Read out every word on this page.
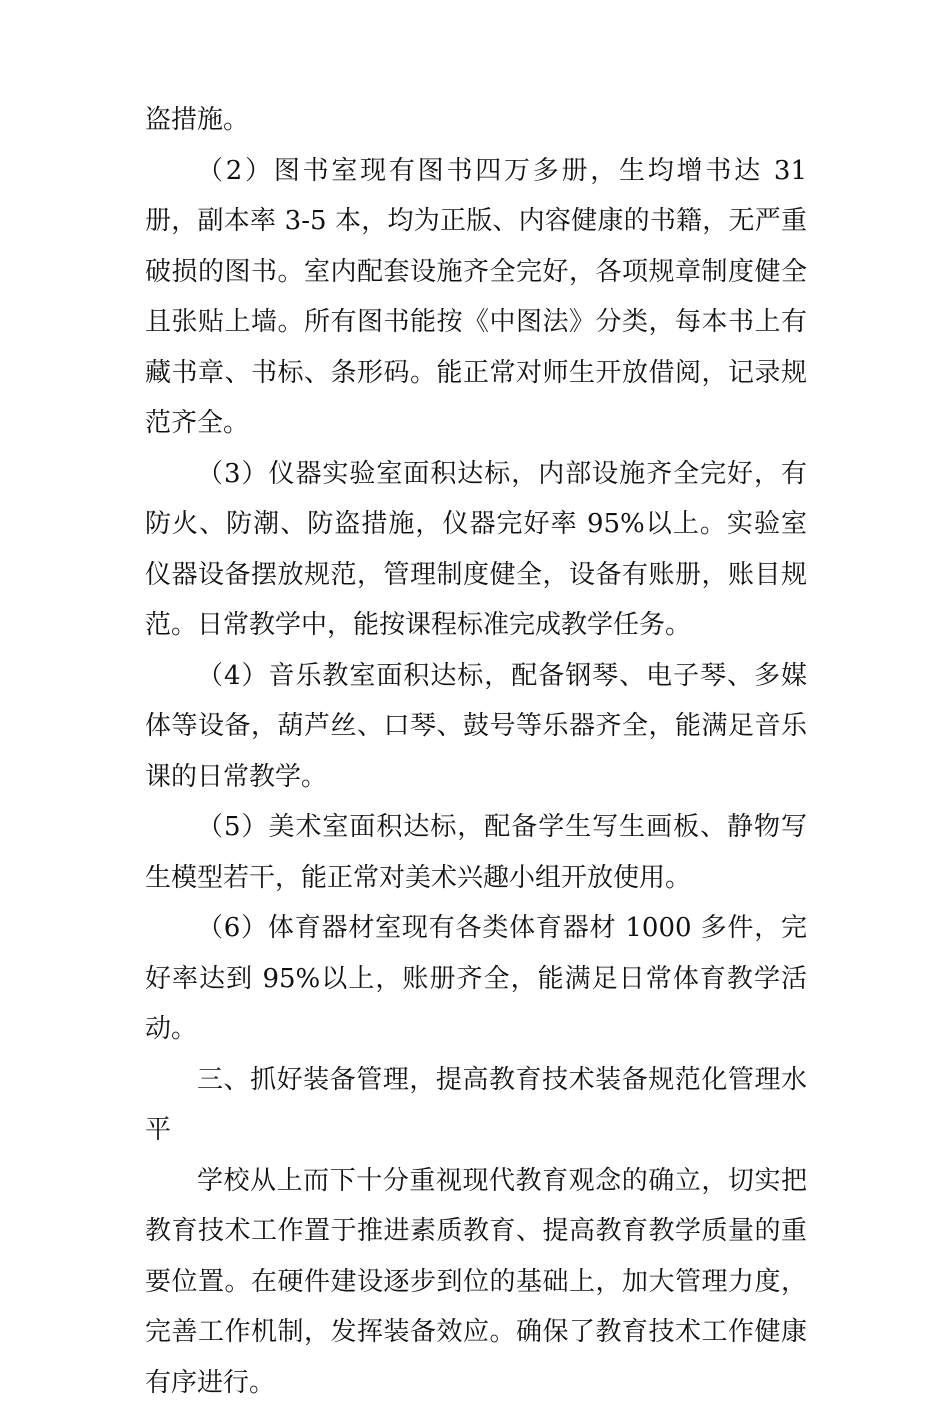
盗措施。

（2）图书室现有图书四万多册，生均增书达 31 册，副本率 3-5 本，均为正版、内容健康的书籍，无严重破损的图书。室内配套设施齐全完好，各项规章制度健全且张贴上墙。所有图书能按《中图法》分类，每本书上有藏书章、书标、条形码。能正常对师生开放借阅，记录规范齐全。

（3）仪器实验室面积达标，内部设施齐全完好，有防火、防潮、防盗措施，仪器完好率 95%以上。实验室仪器设备摆放规范，管理制度健全，设备有账册，账目规范。日常教学中，能按课程标准完成教学任务。

（4）音乐教室面积达标，配备钢琴、电子琴、多媒体等设备，葫芦丝、口琴、鼓号等乐器齐全，能满足音乐课的日常教学。

（5）美术室面积达标，配备学生写生画板、静物写生模型若干，能正常对美术兴趣小组开放使用。

（6）体育器材室现有各类体育器材 1000 多件，完好率达到 95%以上，账册齐全，能满足日常体育教学活动。

三、抓好装备管理，提高教育技术装备规范化管理水平

学校从上而下十分重视现代教育观念的确立，切实把教育技术工作置于推进素质教育、提高教育教学质量的重要位置。在硬件建设逐步到位的基础上，加大管理力度，完善工作机制，发挥装备效应。确保了教育技术工作健康有序进行。
